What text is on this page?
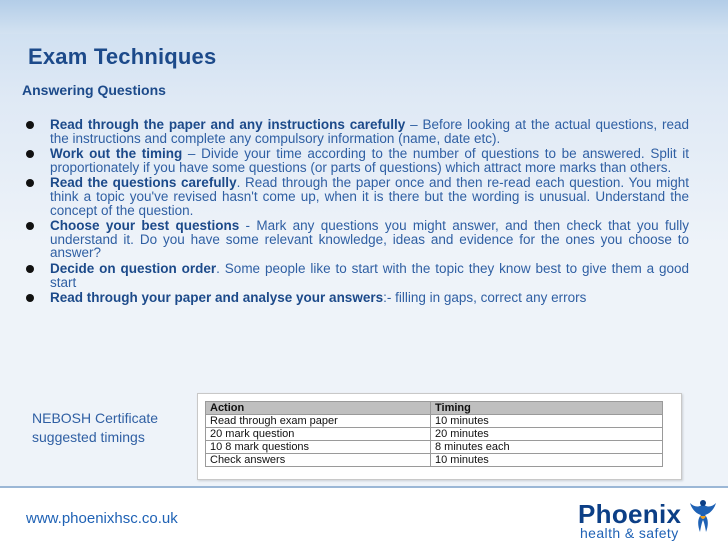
Exam Techniques
Answering Questions
Read through the paper and any instructions carefully – Before looking at the actual questions, read the instructions and complete any compulsory information (name, date etc).
Work out the timing – Divide your time according to the number of questions to be answered. Split it proportionately if you have some questions (or parts of questions) which attract more marks than others.
Read the questions carefully. Read through the paper once and then re-read each question. You might think a topic you've revised hasn't come up, when it is there but the wording is unusual. Understand the concept of the question.
Choose your best questions - Mark any questions you might answer, and then check that you fully understand it. Do you have some relevant knowledge, ideas and evidence for the ones you choose to answer?
Decide on question order. Some people like to start with the topic they know best to give them a good start
Read through your paper and analyse your answers:- filling in gaps, correct any errors

NEBOSH Certificate

suggested timings

Action	Timing
Read through exam paper	10 minutes
20 mark question	20 minutes
10 8 mark questions	8 minutes each
Check answers	10 minutes
www.phoenixhsc.co.uk	Phoenix
health & safety
